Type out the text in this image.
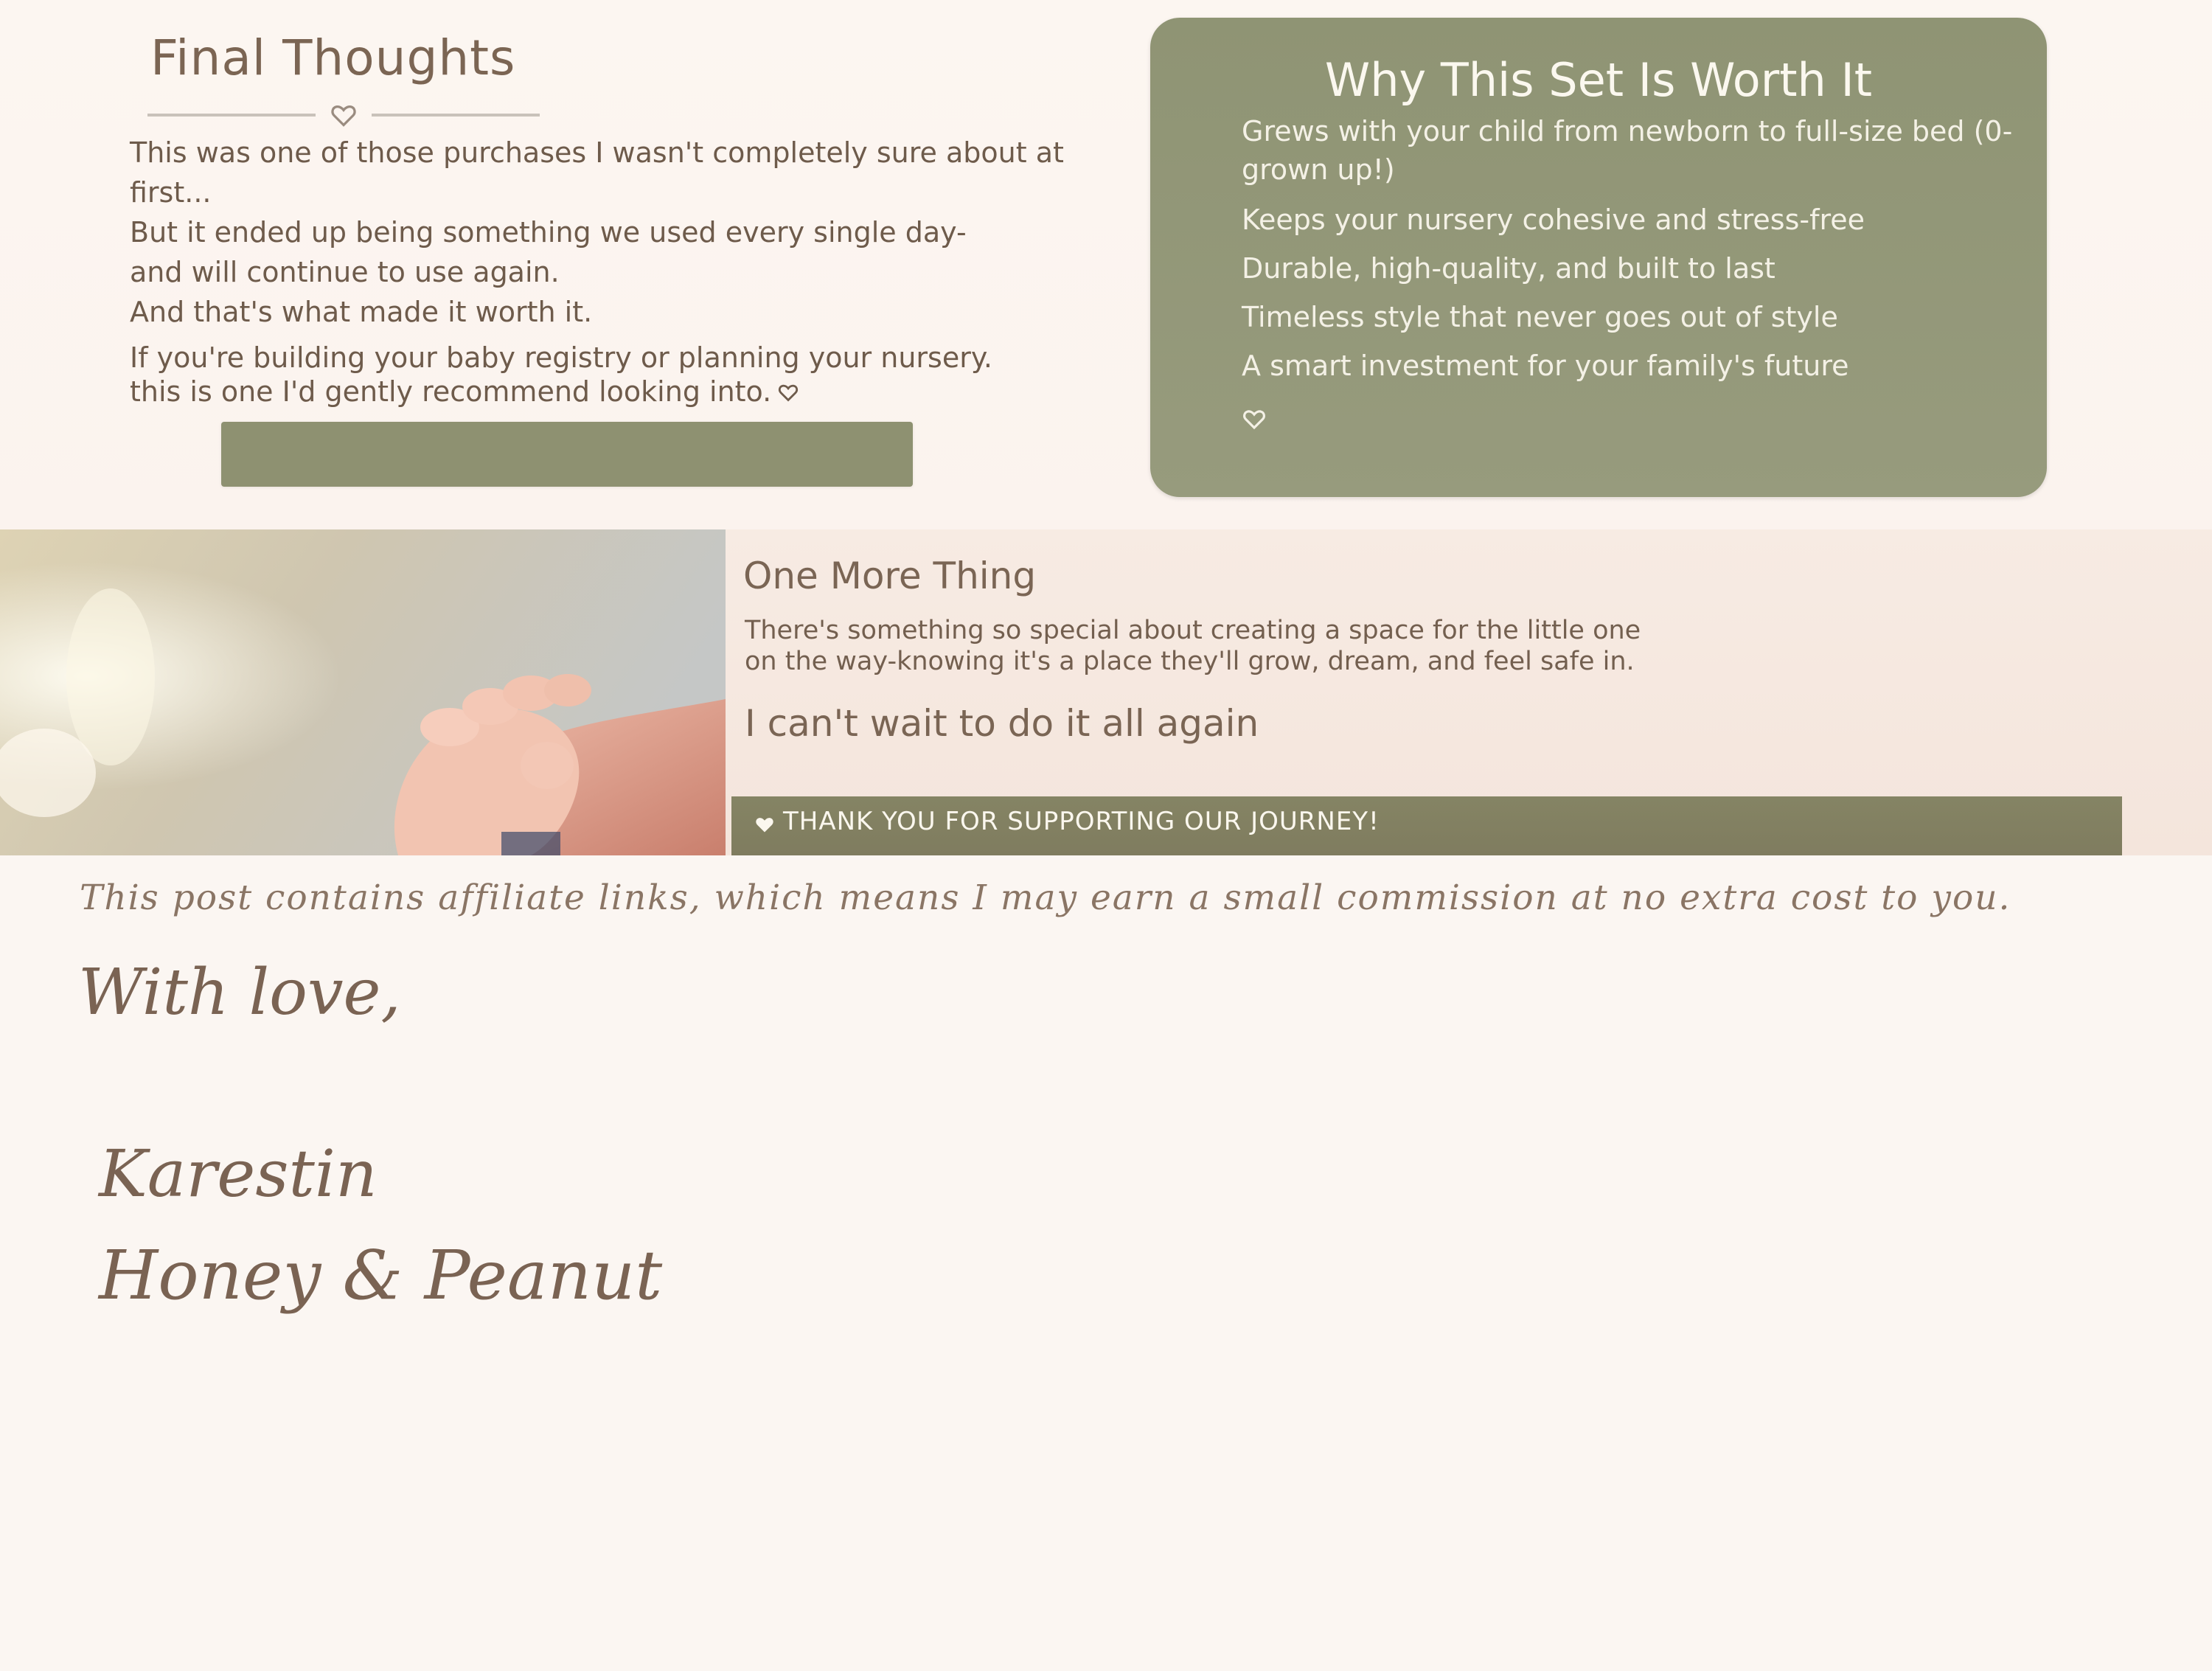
Final Thoughts

This was one of those purchases I wasn't completely sure about at first...

But it ended up being something we used every single day-

and will continue to use again.

And that's what made it worth it.

If you're building your baby registry or planning your nursery.

this is one I'd gently recommend looking into.

Why This Set Is Worth It
Grews with your child from newborn to full-size bed (0-grown up!)
Keeps your nursery cohesive and stress-free
Durable, high-quality, and built to last
Timeless style that never goes out of style
A smart investment for your family's future
One More Thing

There's something so special about creating a space for the little one

on the way-knowing it's a place they'll grow, dream, and feel safe in.

I can't wait to do it all again
THANK YOU FOR SUPPORTING OUR JOURNEY!
This post contains affiliate links, which means I may earn a small commission at no extra cost to you.
With love,
Karestin
Honey & Peanut
